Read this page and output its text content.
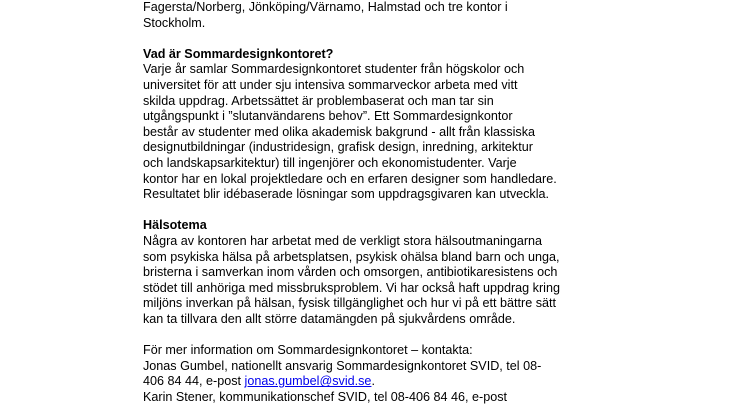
Fagersta/Norberg, Jönköping/Värnamo, Halmstad och tre kontor i
Stockholm.
Vad är Sommardesignkontoret?
Varje år samlar Sommardesignkontoret studenter från högskolor och
universitet för att under sju intensiva sommarveckor arbeta med vitt
skilda uppdrag. Arbetssättet är problembaserat och man tar sin
utgångspunkt i ”slutanvändarens behov”. Ett Sommardesignkontor
består av studenter med olika akademisk bakgrund - allt från klassiska
designutbildningar (industridesign, grafisk design, inredning, arkitektur
och landskapsarkitektur) till ingenjörer och ekonomistudenter. Varje
kontor har en lokal projektledare och en erfaren designer som handledare.
Resultatet blir idébaserade lösningar som uppdragsgivaren kan utveckla.
Hälsotema
Några av kontoren har arbetat med de verkligt stora hälsoutmaningarna
som psykiska hälsa på arbetsplatsen, psykisk ohälsa bland barn och unga,
bristerna i samverkan inom vården och omsorgen, antibiotikaresistens och
stödet till anhöriga med missbruksproblem. Vi har också haft uppdrag kring
miljöns inverkan på hälsan, fysisk tillgänglighet och hur vi på ett bättre sätt
kan ta tillvara den allt större datamängden på sjukvårdens område.
För mer information om Sommardesignkontoret – kontakta:
Jonas Gumbel, nationellt ansvarig Sommardesignkontoret SVID, tel 08-
406 84 44, e-post jonas.gumbel@svid.se.
Karin Stener, kommunikationschef SVID, tel 08-406 84 46, e-post
